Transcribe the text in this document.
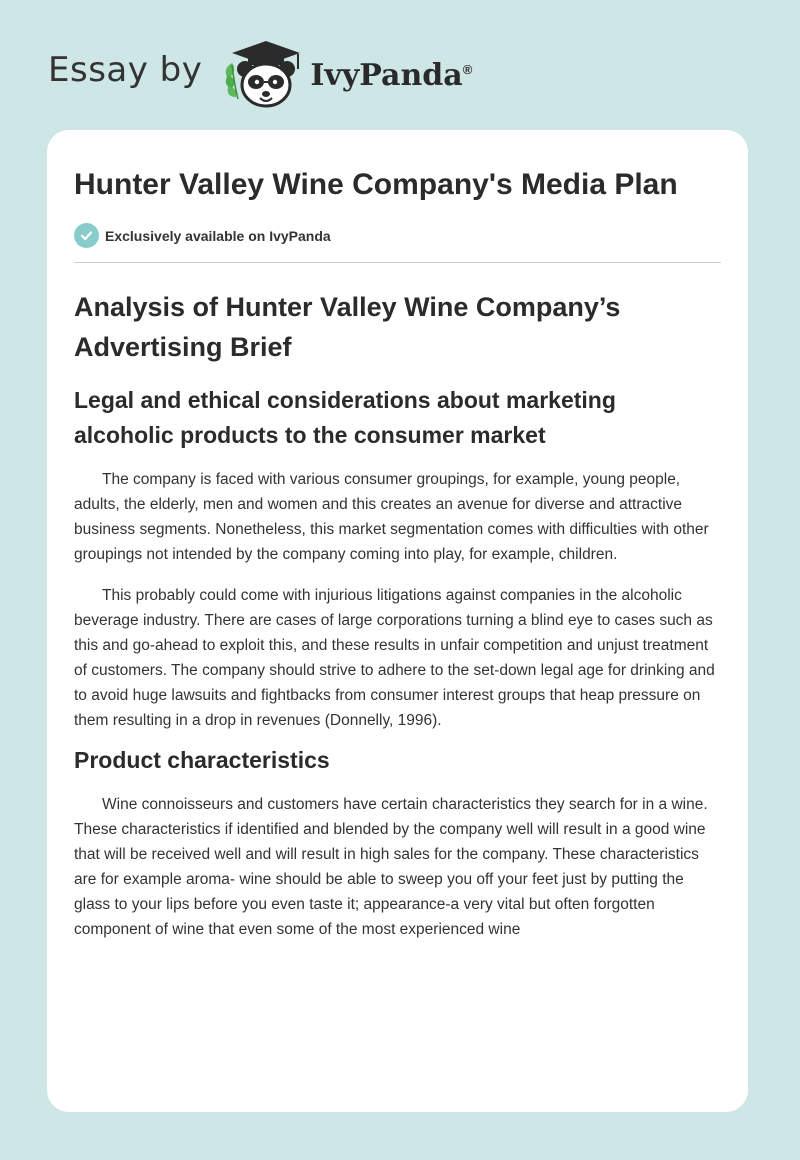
Essay by	IvyPanda®
Hunter Valley Wine Company's Media Plan
Exclusively available on IvyPanda
Analysis of Hunter Valley Wine Company’s Advertising Brief
Legal and ethical considerations about marketing alcoholic products to the consumer market

The company is faced with various consumer groupings, for example, young people, adults, the elderly, men and women and this creates an avenue for diverse and attractive business segments. Nonetheless, this market segmentation comes with difficulties with other groupings not intended by the company coming into play, for example, children.

This probably could come with injurious litigations against companies in the alcoholic beverage industry. There are cases of large corporations turning a blind eye to cases such as this and go-ahead to exploit this, and these results in unfair competition and unjust treatment of customers. The company should strive to adhere to the set-down legal age for drinking and to avoid huge lawsuits and fightbacks from consumer interest groups that heap pressure on them resulting in a drop in revenues (Donnelly, 1996).

Product characteristics

Wine connoisseurs and customers have certain characteristics they search for in a wine. These characteristics if identified and blended by the company well will result in a good wine that will be received well and will result in high sales for the company. These characteristics are for example aroma- wine should be able to sweep you off your feet just by putting the glass to your lips before you even taste it; appearance-a very vital but often forgotten component of wine that even some of the most experienced wine
